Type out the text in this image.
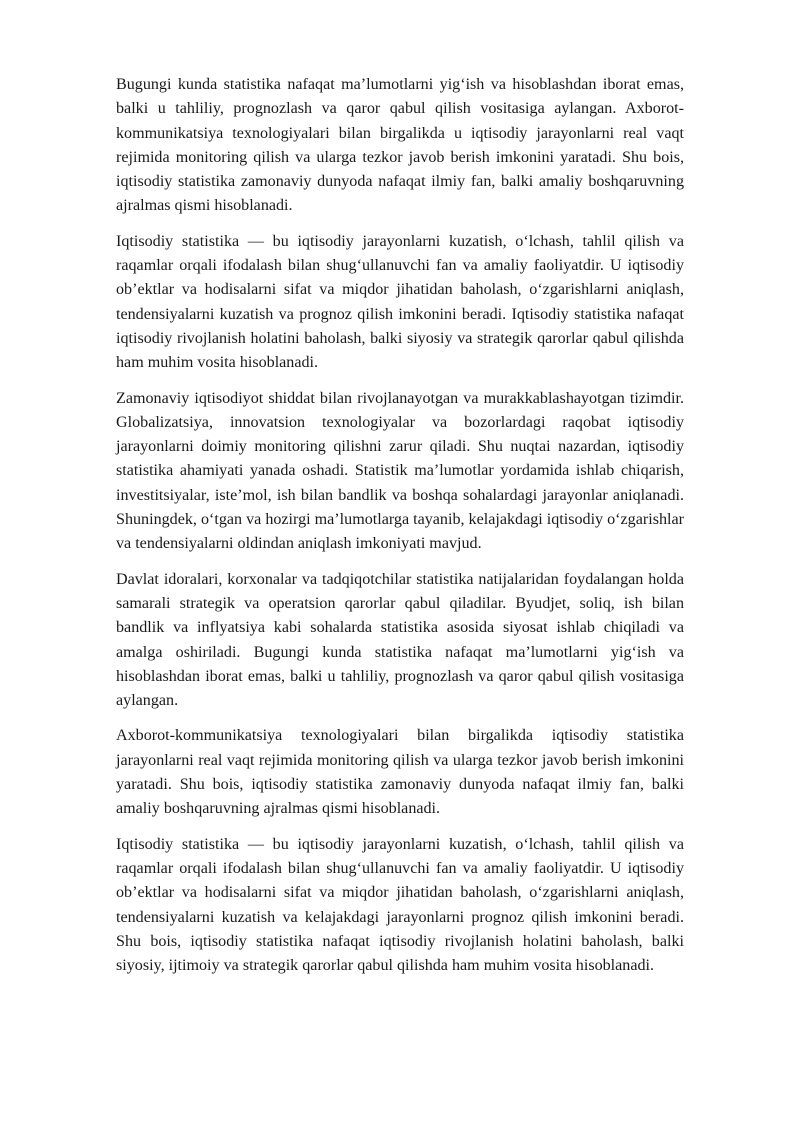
Bugungi kunda statistika nafaqat ma’lumotlarni yig‘ish va hisoblashdan iborat emas, balki u tahliliy, prognozlash va qaror qabul qilish vositasiga aylangan. Axborot-kommunikatsiya texnologiyalari bilan birgalikda u iqtisodiy jarayonlarni real vaqt rejimida monitoring qilish va ularga tezkor javob berish imkonini yaratadi. Shu bois, iqtisodiy statistika zamonaviy dunyoda nafaqat ilmiy fan, balki amaliy boshqaruvning ajralmas qismi hisoblanadi.

Iqtisodiy statistika — bu iqtisodiy jarayonlarni kuzatish, o‘lchash, tahlil qilish va raqamlar orqali ifodalash bilan shug‘ullanuvchi fan va amaliy faoliyatdir. U iqtisodiy ob’ektlar va hodisalarni sifat va miqdor jihatidan baholash, o‘zgarishlarni aniqlash, tendensiyalarni kuzatish va prognoz qilish imkonini beradi. Iqtisodiy statistika nafaqat iqtisodiy rivojlanish holatini baholash, balki siyosiy va strategik qarorlar qabul qilishda ham muhim vosita hisoblanadi.

Zamonaviy iqtisodiyot shiddat bilan rivojlanayotgan va murakkablashayotgan tizimdir. Globalizatsiya, innovatsion texnologiyalar va bozorlardagi raqobat iqtisodiy jarayonlarni doimiy monitoring qilishni zarur qiladi. Shu nuqtai nazardan, iqtisodiy statistika ahamiyati yanada oshadi. Statistik ma’lumotlar yordamida ishlab chiqarish, investitsiyalar, iste’mol, ish bilan bandlik va boshqa sohalardagi jarayonlar aniqlanadi. Shuningdek, o‘tgan va hozirgi ma’lumotlarga tayanib, kelajakdagi iqtisodiy o‘zgarishlar va tendensiyalarni oldindan aniqlash imkoniyati mavjud.

Davlat idoralari, korxonalar va tadqiqotchilar statistika natijalaridan foydalangan holda samarali strategik va operatsion qarorlar qabul qiladilar. Byudjet, soliq, ish bilan bandlik va inflyatsiya kabi sohalarda statistika asosida siyosat ishlab chiqiladi va amalga oshiriladi. Bugungi kunda statistika nafaqat ma’lumotlarni yig‘ish va hisoblashdan iborat emas, balki u tahliliy, prognozlash va qaror qabul qilish vositasiga aylangan.

Axborot-kommunikatsiya texnologiyalari bilan birgalikda iqtisodiy statistika jarayonlarni real vaqt rejimida monitoring qilish va ularga tezkor javob berish imkonini yaratadi. Shu bois, iqtisodiy statistika zamonaviy dunyoda nafaqat ilmiy fan, balki amaliy boshqaruvning ajralmas qismi hisoblanadi.

Iqtisodiy statistika — bu iqtisodiy jarayonlarni kuzatish, o‘lchash, tahlil qilish va raqamlar orqali ifodalash bilan shug‘ullanuvchi fan va amaliy faoliyatdir. U iqtisodiy ob’ektlar va hodisalarni sifat va miqdor jihatidan baholash, o‘zgarishlarni aniqlash, tendensiyalarni kuzatish va kelajakdagi jarayonlarni prognoz qilish imkonini beradi. Shu bois, iqtisodiy statistika nafaqat iqtisodiy rivojlanish holatini baholash, balki siyosiy, ijtimoiy va strategik qarorlar qabul qilishda ham muhim vosita hisoblanadi.
